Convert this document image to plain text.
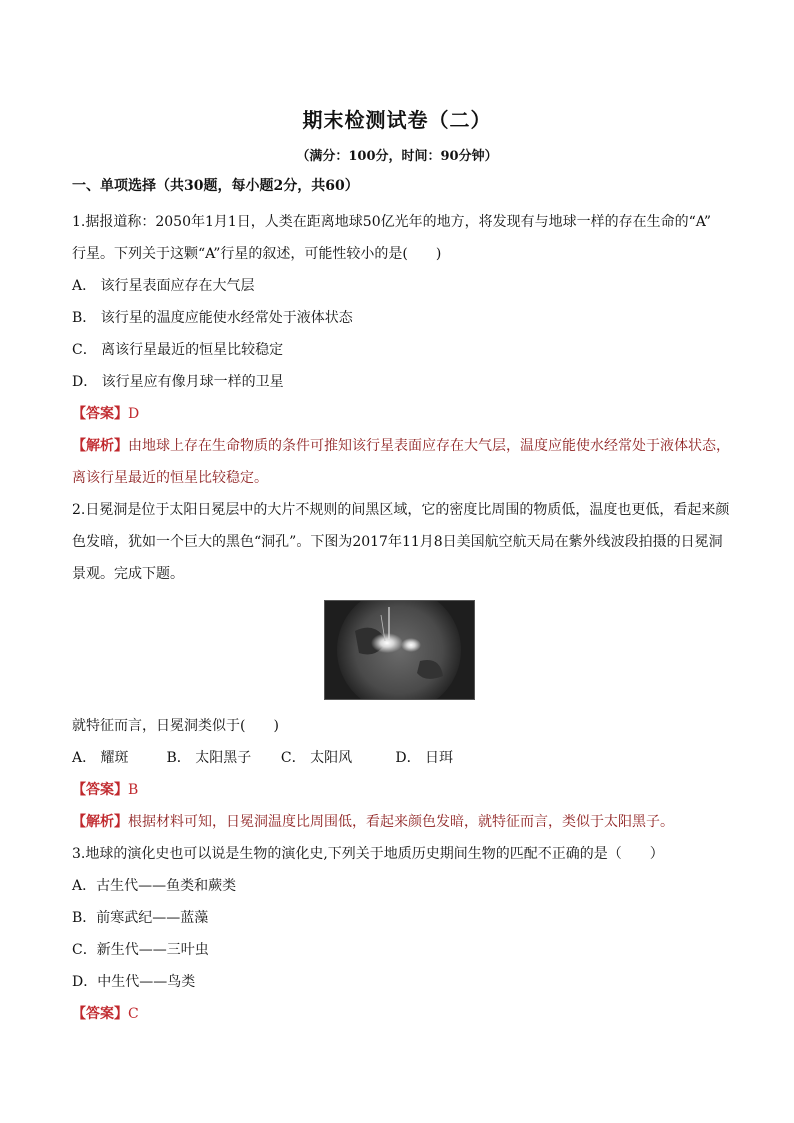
期末检测试卷（二）
（满分：100分，时间：90分钟）
一、单项选择（共30题，每小题2分，共60）
1.据报道称：2050年1月1日，人类在距离地球50亿光年的地方，将发现有与地球一样的存在生命的“A”
行星。下列关于这颗“A”行星的叙述，可能性较小的是(　　)
A． 该行星表面应存在大气层
B． 该行星的温度应能使水经常处于液体状态
C． 离该行星最近的恒星比较稳定
D． 该行星应有像月球一样的卫星
【答案】D
【解析】由地球上存在生命物质的条件可推知该行星表面应存在大气层，温度应能使水经常处于液体状态，
离该行星最近的恒星比较稳定。
2.日冕洞是位于太阳日冕层中的大片不规则的间黑区域，它的密度比周围的物质低，温度也更低，看起来颜
色发暗，犹如一个巨大的黑色“洞孔”。下图为2017年11月8日美国航空航天局在紫外线波段拍摄的日冕洞
景观。完成下题。
就特征而言，日冕洞类似于(　　)
A． 耀斑	B． 太阳黑子 C． 太阳风	D． 日珥
【答案】B
【解析】根据材料可知，日冕洞温度比周围低，看起来颜色发暗，就特征而言，类似于太阳黑子。
3.地球的演化史也可以说是生物的演化史,下列关于地质历史期间生物的匹配不正确的是（　　）
A．古生代——鱼类和蕨类
B．前寒武纪——蓝藻
C．新生代——三叶虫
D．中生代——鸟类
【答案】C
